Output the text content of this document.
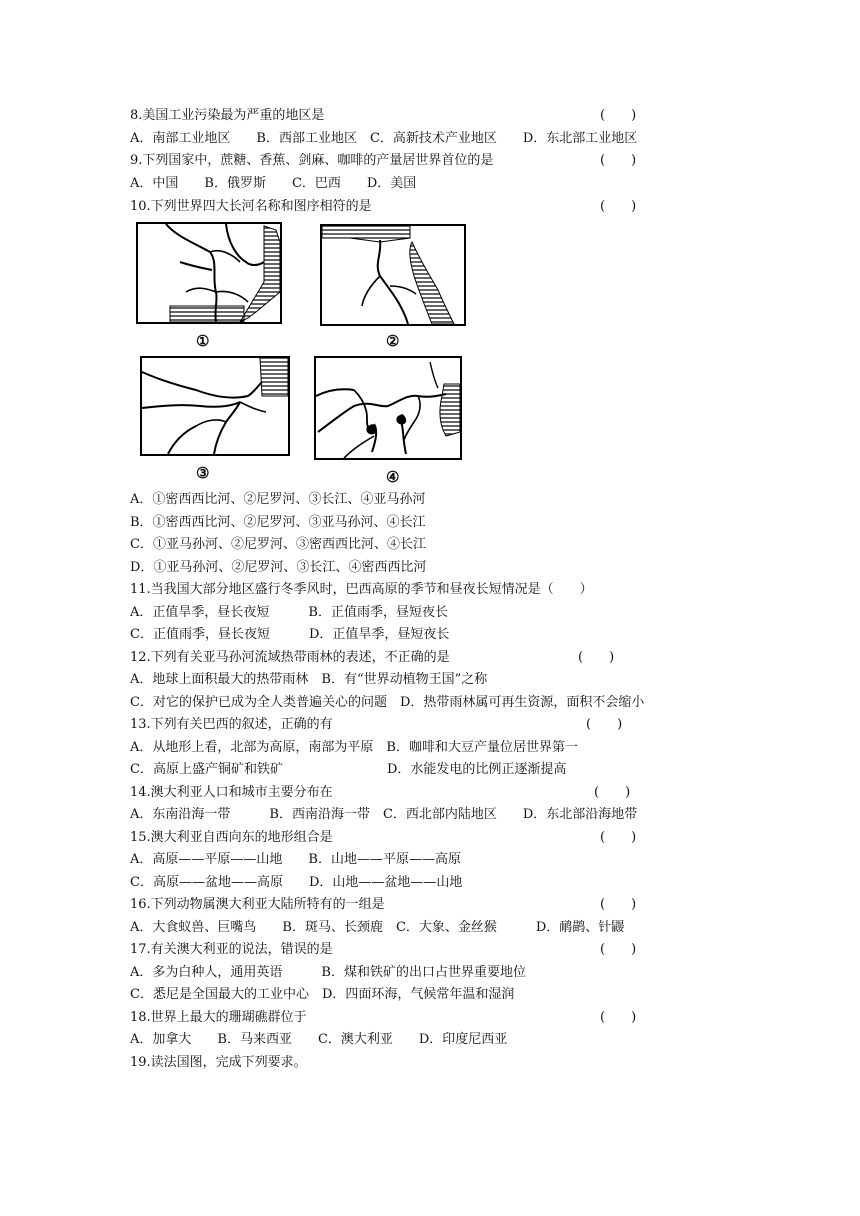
8.美国工业污染最为严重的地区是	(　　)
A．南部工业地区　　B．西部工业地区　C．高新技术产业地区　　D．东北部工业地区
9.下列国家中，蔗糖、香蕉、剑麻、咖啡的产量居世界首位的是	(　　)
A．中国　　B．俄罗斯　　C．巴西　　D．美国
10.下列世界四大长河名称和图序相符的是	(　　)
①	②
③	④
A．①密西西比河、②尼罗河、③长江、④亚马孙河
B．①密西西比河、②尼罗河、③亚马孙河、④长江
C．①亚马孙河、②尼罗河、③密西西比河、④长江
D．①亚马孙河、②尼罗河、③长江、④密西西比河
11.当我国大部分地区盛行冬季风时，巴西高原的季节和昼夜长短情况是（　　）
A．正值旱季，昼长夜短　　　B．正值雨季，昼短夜长
C．正值雨季，昼长夜短　　　D．正值旱季，昼短夜长
12.下列有关亚马孙河流域热带雨林的表述，不正确的是	(　　)
A．地球上面积最大的热带雨林　B．有“世界动植物王国”之称
C．对它的保护已成为全人类普遍关心的问题　D．热带雨林属可再生资源，面积不会缩小
13.下列有关巴西的叙述，正确的有	(　　)
A．从地形上看，北部为高原，南部为平原　B．咖啡和大豆产量位居世界第一
C．高原上盛产铜矿和铁矿　　　　　　　　D．水能发电的比例正逐渐提高
14.澳大利亚人口和城市主要分布在	(　　)
A．东南沿海一带　　　B．西南沿海一带　C．西北部内陆地区　　D．东北部沿海地带
15.澳大利亚自西向东的地形组合是	(　　)
A．高原——平原——山地　　B．山地——平原——高原
C．高原——盆地——高原　　D．山地——盆地——山地
16.下列动物属澳大利亚大陆所特有的一组是	(　　)
A．大食蚁兽、巨嘴鸟　　B．斑马、长颈鹿　C．大象、金丝猴　　　D．鸸鹋、针鼹
17.有关澳大利亚的说法，错误的是	(　　)
A．多为白种人，通用英语　　　B．煤和铁矿的出口占世界重要地位
C．悉尼是全国最大的工业中心　D．四面环海，气候常年温和湿润
18.世界上最大的珊瑚礁群位于	(　　)
A．加拿大　　B．马来西亚　　C．澳大利亚　　D．印度尼西亚
19.读法国图，完成下列要求。
